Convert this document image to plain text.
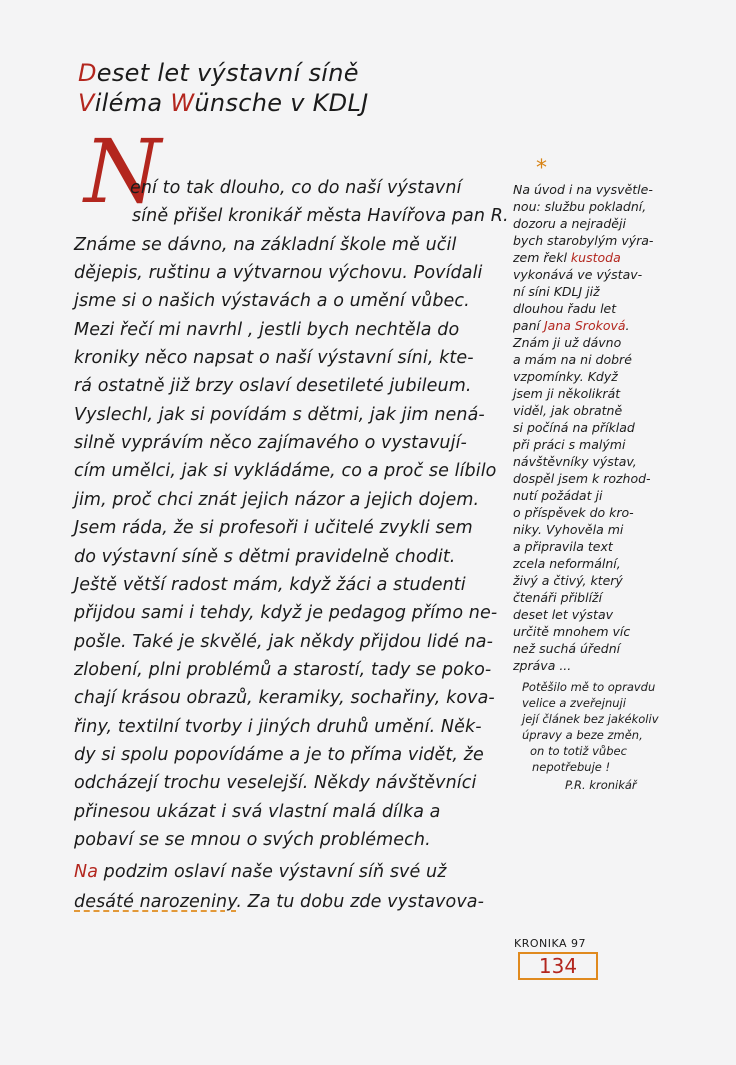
Deset let výstavní síně
Viléma Wünsche v KDLJ
N
ení to tak dlouho, co do naší výstavní
síně přišel kronikář města Havířova pan R.
Známe se dávno, na základní škole mě učil
dějepis, ruštinu a výtvarnou výchovu. Povídali
jsme si o našich výstavách a o umění vůbec.
Mezi řečí mi navrhl , jestli bych nechtěla do
kroniky něco napsat o naší výstavní síni, kte-
rá ostatně již brzy oslaví desetileté jubileum.
Vyslechl, jak si povídám s dětmi, jak jim nená-
silně vyprávím něco zajímavého o vystavují-
cím umělci, jak si vykládáme, co a proč se líbilo
jim, proč chci znát jejich názor a jejich dojem.
Jsem ráda, že si profesoři i učitelé zvykli sem
do výstavní síně s dětmi pravidelně chodit.
Ještě větší radost mám, když žáci a studenti
přijdou sami i tehdy, když je pedagog přímo ne-
pošle. Také je skvělé, jak někdy přijdou lidé na-
zlobení, plni problémů a starostí, tady se poko-
chají krásou obrazů, keramiky, sochařiny, kova-
řiny, textilní tvorby i jiných druhů umění. Něk-
dy si spolu popovídáme a je to příma vidět, že
odcházejí trochu veselejší. Někdy návštěvníci
přinesou ukázat i svá vlastní malá dílka a
pobaví se se mnou o svých problémech.
Na podzim oslaví naše výstavní síň své už
desáté narozeniny. Za tu dobu zde vystavova-
*
Na úvod i na vysvětle-
nou: službu pokladní,
dozoru a nejraději
bych starobylým výra-
zem řekl kustoda
vykonává ve výstav-
ní síni KDLJ již
dlouhou řadu let
paní Jana Sroková.
Znám ji už dávno
a mám na ni dobré
vzpomínky. Když
jsem ji několikrát
viděl, jak obratně
si počíná na příklad
při práci s malými
návštěvníky výstav,
dospěl jsem k rozhod-
nutí požádat ji
o příspěvek do kro-
niky. Vyhověla mi
a připravila text
zcela neformální,
živý a čtivý, který
čtenáři přiblíží
deset let výstav
určitě mnohem víc
než suchá úřední
zpráva ...
Potěšilo mě to opravdu
velice a zveřejnuji
její článek bez jakékoliv
úpravy a beze změn,
on to totiž vůbec
nepotřebuje !
P.R. kronikář
KRONIKA 97
134
